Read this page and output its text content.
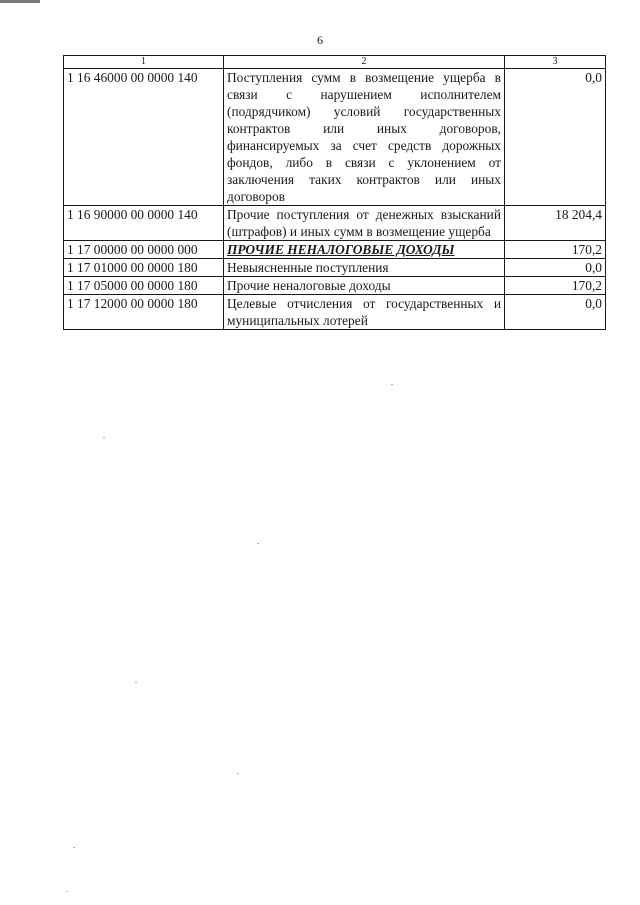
6
1	2	3
1 16 46000 00 0000 140	Поступления сумм в возмещение ущерба в связи с нарушением исполнителем (подрядчиком) условий государственных контрактов или иных договоров, финансируемых за счет средств дорожных фондов, либо в связи с уклонением от заключения таких контрактов или иных договоров	0,0
1 16 90000 00 0000 140	Прочие поступления от денежных взысканий (штрафов) и иных сумм в возмещение ущерба	18 204,4
1 17 00000 00 0000 000	ПРОЧИЕ НЕНАЛОГОВЫЕ ДОХОДЫ	170,2
1 17 01000 00 0000 180	Невыясненные поступления	0,0
1 17 05000 00 0000 180	Прочие неналоговые доходы	170,2
1 17 12000 00 0000 180	Целевые отчисления от государственных и муниципальных лотерей	0,0
